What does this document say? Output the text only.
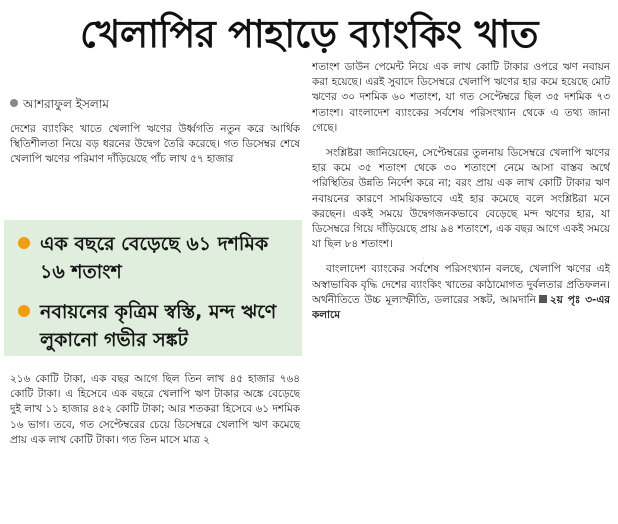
খেলাপির পাহাড়ে ব্যাংকিং খাত
আশরাফুল ইসলাম

দেশের ব্যাংকিং খাতে খেলাপি ঋণের উর্ধ্বগতি নতুন করে আর্থিক স্থিতিশীলতা নিয়ে বড় ধরনের উদ্বেগ তৈরি করেছে। গত ডিসেম্বর শেষে খেলাপি ঋণের পরিমাণ দাঁড়িয়েছে পাঁচ লাখ ৫৭ হাজার

এক বছরে বেড়েছে ৬১ দশমিক ১৬ শতাংশ
নবায়নের কৃত্রিম স্বস্তি, মন্দ ঋণে লুকানো গভীর সঙ্কট

২১৬ কোটি টাকা, এক বছর আগে ছিল তিন লাখ ৪৫ হাজার ৭৬৪ কোটি টাকা। এ হিসেবে এক বছরে খেলাপি ঋণ টাকার অঙ্কে বেড়েছে দুই লাখ ১১ হাজার ৪৫২ কোটি টাকা; আর শতকরা হিসেবে ৬১ দশমিক ১৬ ভাগ। তবে, গত সেপ্টেম্বরের চেয়ে ডিসেম্বরে খেলাপি ঋণ কমেছে প্রায় এক লাখ কোটি টাকা। গত তিন মাসে মাত্র ২

শতাংশ ডাউন পেমেন্ট নিয়ে এক লাখ কোটি টাকার ওপরে ঋণ নবায়ন করা হয়েছে। এরই সুবাদে ডিসেম্বরে খেলাপি ঋণের হার কমে হয়েছে মোট ঋণের ৩০ দশমিক ৬০ শতাংশ, যা গত সেপ্টেম্বরে ছিল ৩৫ দশমিক ৭৩ শতাংশ। বাংলাদেশ ব্যাংকের সর্বশেষ পরিসংখ্যান থেকে এ তথ্য জানা গেছে।

সংশ্লিষ্টরা জানিয়েছেন, সেপ্টেম্বরের তুলনায় ডিসেম্বরে খেলাপি ঋণের হার কমে ৩৫ শতাংশ থেকে ৩০ শতাংশে নেমে আসা বাস্তব অর্থে পরিস্থিতির উন্নতি নির্দেশ করে না; বরং প্রায় এক লাখ কোটি টাকার ঋণ নবায়নের কারণে সাময়িকভাবে এই হার কমেছে বলে সংশ্লিষ্টরা মনে করছেন। একই সময়ে উদ্বেগজনকভাবে বেড়েছে মন্দ ঋণের হার, যা ডিসেম্বরে গিয়ে দাঁড়িয়েছে প্রায় ৯৪ শতাংশে, এক বছর আগে একই সময়ে যা ছিল ৮৪ শতাংশ।

বাংলাদেশ ব্যাংকের সর্বশেষ পরিসংখ্যান বলছে, খেলাপি ঋণের এই অস্বাভাবিক বৃদ্ধি দেশের ব্যাংকিং খাতের কাঠামোগত দুর্বলতার প্রতিফলন। অর্থনীতিতে উচ্চ মূল্যস্ফীতি, ডলারের সঙ্কট, আমদানি ২য় পৃঃ ৩-এর কলামে
